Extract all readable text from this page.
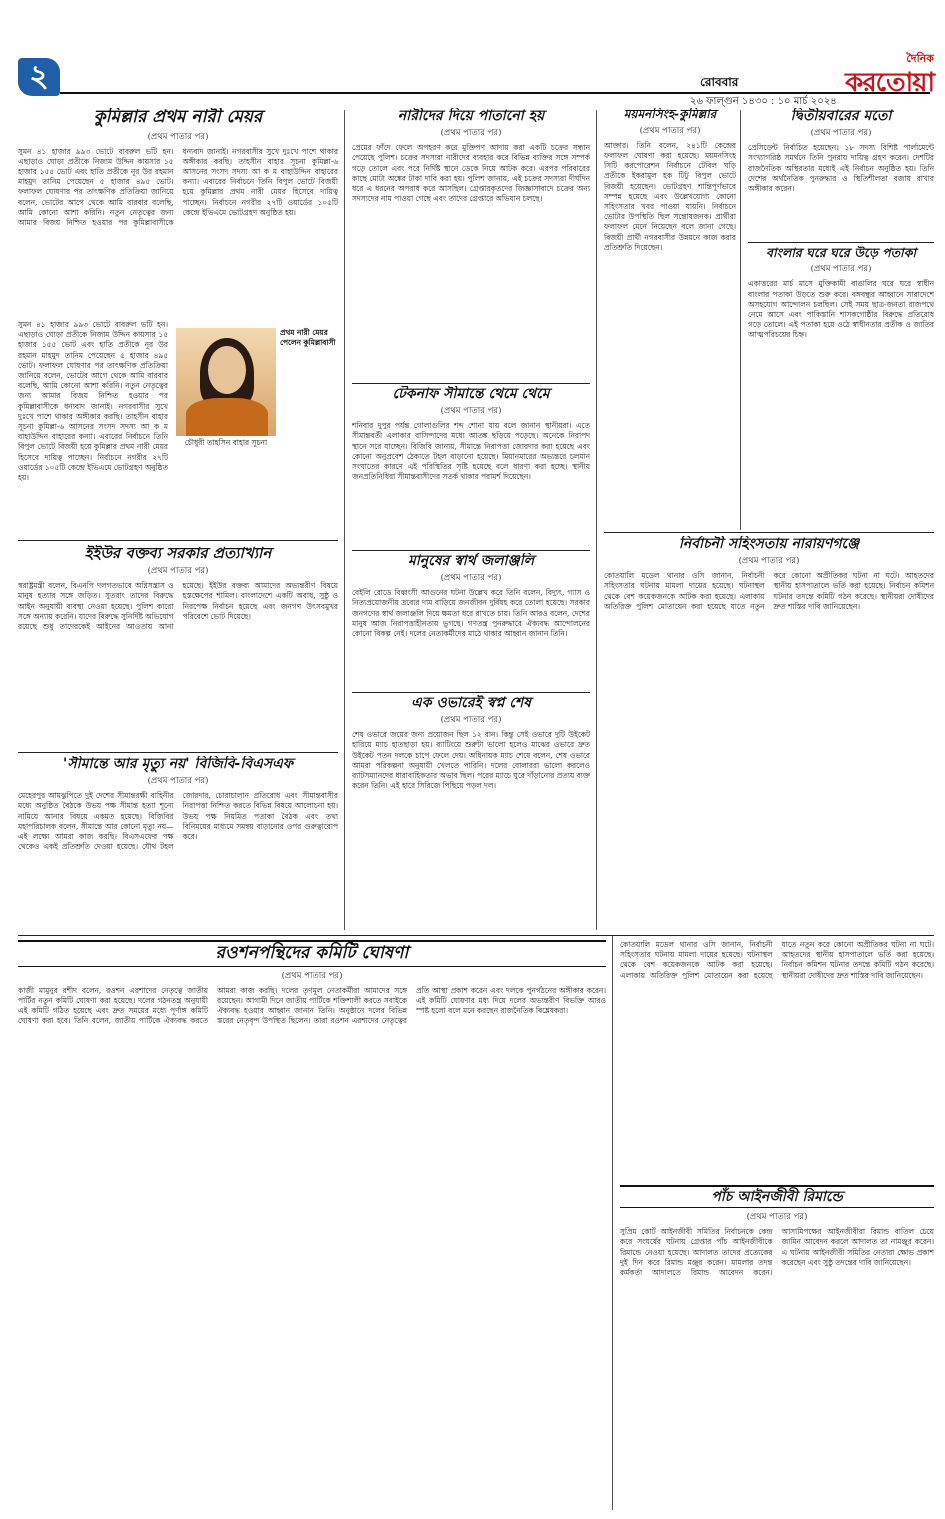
২	রোববার
২৬ ফাল্গুন ১৪৩০ : ১০ মার্চ ২০২৪
দৈনিক
করতোয়া
কুমিল্লার প্রথম নারী মেয়র
(প্রথম পাতার পর)
সুমন ৪১ হাজার ৯৯৩ ভোটে বাবরুল ভটি হন। এছাড়াও ঘোড়া প্রতীকে নিজাম উদ্দিন কায়সার ১৫ হাজার ১৫৫ ভোট এবং হাতি প্রতীকে নূর উর রহমান মাহমুদ তানিম পেয়েছেন ৫ হাজার ৪৯৫ ভোট। ফলাফল ঘোষণার পর তাৎক্ষণিক প্রতিক্রিয়া জানিয়ে বলেন, ভোটের আগে থেকে আমি বারবার বলেছি, আমি কোনো আশা করিনি। নতুন নেতৃত্বের জন্য আমার বিজয় নিশ্চিত হওয়ার পর কুমিল্লাবাসীকে ধন্যবাদ জানাই। নগরবাসীর সুখে দুঃখে পাশে থাকার অঙ্গীকার করছি। তাহসীন বাহার সূচনা কুমিল্লা-৬ আসনের সংসদ সদস্য আ ক ম বাহাউদ্দিন বাহারের কন্যা। এবারের নির্বাচনে তিনি বিপুল ভোটে বিজয়ী হয়ে কুমিল্লার প্রথম নারী মেয়র হিসেবে দায়িত্ব পাচ্ছেন। নির্বাচনে নগরীর ২৭টি ওয়ার্ডের ১০৫টি কেন্দ্রে ইভিএমে ভোটগ্রহণ অনুষ্ঠিত হয়।
চৌধুরী তাহসিন বাহার সূচনা
প্রথম নারী মেয়র পেলেন কুমিল্লাবাসী
সুমন ৪১ হাজার ৯৯৩ ভোটে বাবরুল ভটি হন। এছাড়াও ঘোড়া প্রতীকে নিজাম উদ্দিন কায়সার ১৫ হাজার ১৫৫ ভোট এবং হাতি প্রতীকে নূর উর রহমান মাহমুদ তানিম পেয়েছেন ৫ হাজার ৪৯৫ ভোট। ফলাফল ঘোষণার পর তাৎক্ষণিক প্রতিক্রিয়া জানিয়ে বলেন, ভোটের আগে থেকে আমি বারবার বলেছি, আমি কোনো আশা করিনি। নতুন নেতৃত্বের জন্য আমার বিজয় নিশ্চিত হওয়ার পর কুমিল্লাবাসীকে ধন্যবাদ জানাই। নগরবাসীর সুখে দুঃখে পাশে থাকার অঙ্গীকার করছি। তাহসীন বাহার সূচনা কুমিল্লা-৬ আসনের সংসদ সদস্য আ ক ম বাহাউদ্দিন বাহারের কন্যা। এবারের নির্বাচনে তিনি বিপুল ভোটে বিজয়ী হয়ে কুমিল্লার প্রথম নারী মেয়র হিসেবে দায়িত্ব পাচ্ছেন। নির্বাচনে নগরীর ২৭টি ওয়ার্ডের ১০৫টি কেন্দ্রে ইভিএমে ভোটগ্রহণ অনুষ্ঠিত হয়।
ইইউর বক্তব্য সরকার প্রত্যাখ্যান
(প্রথম পাতার পর)
স্বরাষ্ট্রমন্ত্রী বলেন, বিএনপি দলগতভাবে অগ্নিসন্ত্রাস ও মানুষ হত্যার সঙ্গে জড়িত। সুতরাং তাদের বিরুদ্ধে আইন অনুযায়ী ব্যবস্থা নেওয়া হয়েছে। পুলিশ কারো সঙ্গে অন্যায় করেনি। যাদের বিরুদ্ধে সুনির্দিষ্ট অভিযোগ রয়েছে শুধু তাদেরকেই আইনের আওতায় আনা হয়েছে। ইইউর বক্তব্য আমাদের অভ্যন্তরীণ বিষয়ে হস্তক্ষেপের শামিল। বাংলাদেশে একটি অবাধ, সুষ্ঠু ও নিরপেক্ষ নির্বাচন হয়েছে এবং জনগণ উৎসবমুখর পরিবেশে ভোট দিয়েছে।
'সীমান্তে আর মৃত্যু নয়' বিজিবি-বিএসএফ
(প্রথম পাতার পর)
মেহেরপুর আমঝুপিতে দুই দেশের সীমান্তরক্ষী বাহিনীর মধ্যে অনুষ্ঠিত বৈঠকে উভয় পক্ষ সীমান্ত হত্যা শূন্যে নামিয়ে আনার বিষয়ে একমত হয়েছে। বিজিবির মহাপরিচালক বলেন, সীমান্তে আর কোনো মৃত্যু নয়—এই লক্ষ্যে আমরা কাজ করছি। বিএসএফের পক্ষ থেকেও একই প্রতিশ্রুতি দেওয়া হয়েছে। যৌথ টহল জোরদার, চোরাচালান প্রতিরোধ এবং সীমান্তবাসীর নিরাপত্তা নিশ্চিত করতে বিভিন্ন বিষয়ে আলোচনা হয়। উভয় পক্ষ নিয়মিত পতাকা বৈঠক এবং তথ্য বিনিময়ের মাধ্যমে সমন্বয় বাড়ানোর ওপর গুরুত্বারোপ করে।
নারীদের দিয়ে পাতানো হয়
(প্রথম পাতার পর)
প্রেমের ফাঁদে ফেলে অপহরণ করে মুক্তিপণ আদায় করা একটি চক্রের সন্ধান পেয়েছে পুলিশ। চক্রের সদস্যরা নারীদের ব্যবহার করে বিভিন্ন ব্যক্তির সঙ্গে সম্পর্ক গড়ে তোলে এবং পরে নির্দিষ্ট স্থানে ডেকে নিয়ে আটক করে। এরপর পরিবারের কাছে মোটা অঙ্কের টাকা দাবি করা হয়। পুলিশ জানায়, এই চক্রের সদস্যরা দীর্ঘদিন ধরে এ ধরনের অপরাধ করে আসছিল। গ্রেপ্তারকৃতদের জিজ্ঞাসাবাদে চক্রের অন্য সদস্যদের নাম পাওয়া গেছে এবং তাদের গ্রেপ্তারে অভিযান চলছে।
টেকনাফ সীমান্তে থেমে থেমে
(প্রথম পাতার পর)
শনিবার দুপুর পর্যন্ত গোলাগুলির শব্দ শোনা যায় বলে জানান স্থানীয়রা। এতে সীমান্তবর্তী এলাকার বাসিন্দাদের মধ্যে আতঙ্ক ছড়িয়ে পড়েছে। অনেকে নিরাপদ স্থানে সরে যাচ্ছেন। বিজিবি জানায়, সীমান্তে নিরাপত্তা জোরদার করা হয়েছে এবং কোনো অনুপ্রবেশ ঠেকাতে টহল বাড়ানো হয়েছে। মিয়ানমারের অভ্যন্তরে চলমান সংঘাতের কারণে এই পরিস্থিতির সৃষ্টি হয়েছে বলে ধারণা করা হচ্ছে। স্থানীয় জনপ্রতিনিধিরা সীমান্তবাসীদের সতর্ক থাকার পরামর্শ দিয়েছেন।
মানুষের স্বার্থ জলাঞ্জলি
(প্রথম পাতার পর)
বেইলি রোডে বিধ্বংসী আগুনের ঘটনা উল্লেখ করে তিনি বলেন, বিদ্যুৎ, গ্যাস ও নিত্যপ্রয়োজনীয় দ্রব্যের দাম বাড়িয়ে জনজীবন দুর্বিষহ করে তোলা হয়েছে। সরকার জনগণের স্বার্থ জলাঞ্জলি দিয়ে ক্ষমতা ধরে রাখতে চায়। তিনি আরও বলেন, দেশের মানুষ আজ নিরাপত্তাহীনতায় ভুগছে। গণতন্ত্র পুনরুদ্ধারে ঐক্যবদ্ধ আন্দোলনের কোনো বিকল্প নেই। দলের নেতাকর্মীদের মাঠে থাকার আহ্বান জানান তিনি।
এক ওভারেই স্বপ্ন শেষ
(প্রথম পাতার পর)
শেষ ওভারে জয়ের জন্য প্রয়োজন ছিল ১২ রান। কিন্তু সেই ওভারে দুটি উইকেট হারিয়ে ম্যাচ হাতছাড়া হয়। ব্যাটিংয়ে শুরুটা ভালো হলেও মাঝের ওভারে দ্রুত উইকেট পতন দলকে চাপে ফেলে দেয়। অধিনায়ক ম্যাচ শেষে বলেন, শেষ ওভারে আমরা পরিকল্পনা অনুযায়ী খেলতে পারিনি। দলের বোলাররা ভালো করলেও ব্যাটসম্যানদের ধারাবাহিকতার অভাব ছিল। পরের ম্যাচে ঘুরে দাঁড়ানোর প্রত্যয় ব্যক্ত করেন তিনি। এই হারে সিরিজে পিছিয়ে পড়ল দল।
ময়মনসিংহ-কুমিল্লার
(প্রথম পাতার পর)
আক্তার। তিনি বলেন, ২৪১টি কেন্দ্রের ফলাফল ঘোষণা করা হয়েছে। ময়মনসিংহ সিটি করপোরেশন নির্বাচনে টেবিল ঘড়ি প্রতীকে ইকরামুল হক টিটু বিপুল ভোটে বিজয়ী হয়েছেন। ভোটগ্রহণ শান্তিপূর্ণভাবে সম্পন্ন হয়েছে এবং উল্লেখযোগ্য কোনো সহিংসতার খবর পাওয়া যায়নি। নির্বাচনে ভোটার উপস্থিতি ছিল সন্তোষজনক। প্রার্থীরা ফলাফল মেনে নিয়েছেন বলে জানা গেছে। বিজয়ী প্রার্থী নগরবাসীর উন্নয়নে কাজ করার প্রতিশ্রুতি দিয়েছেন।
দ্বিতীয়বারের মতো
(প্রথম পাতার পর)
প্রেসিডেন্ট নির্বাচিত হয়েছেন। ১৮ সদস্য বিশিষ্ট পার্লামেন্টে সংখ্যাগরিষ্ঠ সমর্থনে তিনি পুনরায় দায়িত্ব গ্রহণ করেন। দেশটির রাজনৈতিক অস্থিরতার মধ্যেই এই নির্বাচন অনুষ্ঠিত হয়। তিনি দেশের অর্থনৈতিক পুনরুদ্ধার ও স্থিতিশীলতা বজায় রাখার অঙ্গীকার করেন।
বাংলার ঘরে ঘরে উড়ে পতাকা
(প্রথম পাতার পর)
একাত্তরের মার্চ মাসে মুক্তিকামী বাঙালির ঘরে ঘরে স্বাধীন বাংলার পতাকা উড়তে শুরু করে। বঙ্গবন্ধুর আহ্বানে সারাদেশে অসহযোগ আন্দোলন চলছিল। সেই সময় ছাত্র-জনতা রাজপথে নেমে আসে এবং পাকিস্তানি শাসকগোষ্ঠীর বিরুদ্ধে প্রতিরোধ গড়ে তোলে। এই পতাকা হয়ে ওঠে স্বাধীনতার প্রতীক ও জাতির আত্মপরিচয়ের চিহ্ন।
নির্বাচনী সহিংসতায় নারায়ণগঞ্জে
(প্রথম পাতার পর)
কোতয়ালি মডেল থানার ওসি জানান, নির্বাচনী সহিংসতার ঘটনায় মামলা দায়ের হয়েছে। ঘটনাস্থল থেকে বেশ কয়েকজনকে আটক করা হয়েছে। এলাকায় অতিরিক্ত পুলিশ মোতায়েন করা হয়েছে যাতে নতুন করে কোনো অপ্রীতিকর ঘটনা না ঘটে। আহতদের স্থানীয় হাসপাতালে ভর্তি করা হয়েছে। নির্বাচন কমিশন ঘটনার তদন্তে কমিটি গঠন করেছে। স্থানীয়রা দোষীদের দ্রুত শাস্তির দাবি জানিয়েছেন।
রওশনপন্থিদের কমিটি ঘোষণা
(প্রথম পাতার পর)
কাজী মামুনুর রশীদ বলেন, রওশন এরশাদের নেতৃত্বে জাতীয় পার্টির নতুন কমিটি ঘোষণা করা হয়েছে। দলের গঠনতন্ত্র অনুযায়ী এই কমিটি গঠিত হয়েছে এবং দ্রুত সময়ের মধ্যে পূর্ণাঙ্গ কমিটি ঘোষণা করা হবে। তিনি বলেন, জাতীয় পার্টিকে ঐক্যবদ্ধ করতে আমরা কাজ করছি। দলের তৃণমূল নেতাকর্মীরা আমাদের সঙ্গে রয়েছেন। আগামী দিনে জাতীয় পার্টিকে শক্তিশালী করতে সবাইকে ঐক্যবদ্ধ হওয়ার আহ্বান জানান তিনি। অনুষ্ঠানে দলের বিভিন্ন স্তরের নেতৃবৃন্দ উপস্থিত ছিলেন। তারা রওশন এরশাদের নেতৃত্বের প্রতি আস্থা প্রকাশ করেন এবং দলকে পুনর্গঠনের অঙ্গীকার করেন। এই কমিটি ঘোষণার মধ্য দিয়ে দলের অভ্যন্তরীণ বিভক্তি আরও স্পষ্ট হলো বলে মনে করছেন রাজনৈতিক বিশ্লেষকরা।
পাঁচ আইনজীবী রিমান্ডে
(প্রথম পাতার পর)
সুপ্রিম কোর্ট আইনজীবী সমিতির নির্বাচনকে কেন্দ্র করে সংঘর্ষের ঘটনায় গ্রেপ্তার পাঁচ আইনজীবীকে রিমান্ডে নেওয়া হয়েছে। আদালত তাদের প্রত্যেকের দুই দিন করে রিমান্ড মঞ্জুর করেন। মামলার তদন্ত কর্মকর্তা আদালতে রিমান্ড আবেদন করেন। আসামিপক্ষের আইনজীবীরা রিমান্ড বাতিল চেয়ে জামিন আবেদন করলে আদালত তা নামঞ্জুর করেন। এ ঘটনায় আইনজীবী সমিতির নেতারা ক্ষোভ প্রকাশ করেছেন এবং সুষ্ঠু তদন্তের দাবি জানিয়েছেন।
কোতয়ালি মডেল থানার ওসি জানান, নির্বাচনী সহিংসতার ঘটনায় মামলা দায়ের হয়েছে। ঘটনাস্থল থেকে বেশ কয়েকজনকে আটক করা হয়েছে। এলাকায় অতিরিক্ত পুলিশ মোতায়েন করা হয়েছে যাতে নতুন করে কোনো অপ্রীতিকর ঘটনা না ঘটে। আহতদের স্থানীয় হাসপাতালে ভর্তি করা হয়েছে। নির্বাচন কমিশন ঘটনার তদন্তে কমিটি গঠন করেছে। স্থানীয়রা দোষীদের দ্রুত শাস্তির দাবি জানিয়েছেন।
